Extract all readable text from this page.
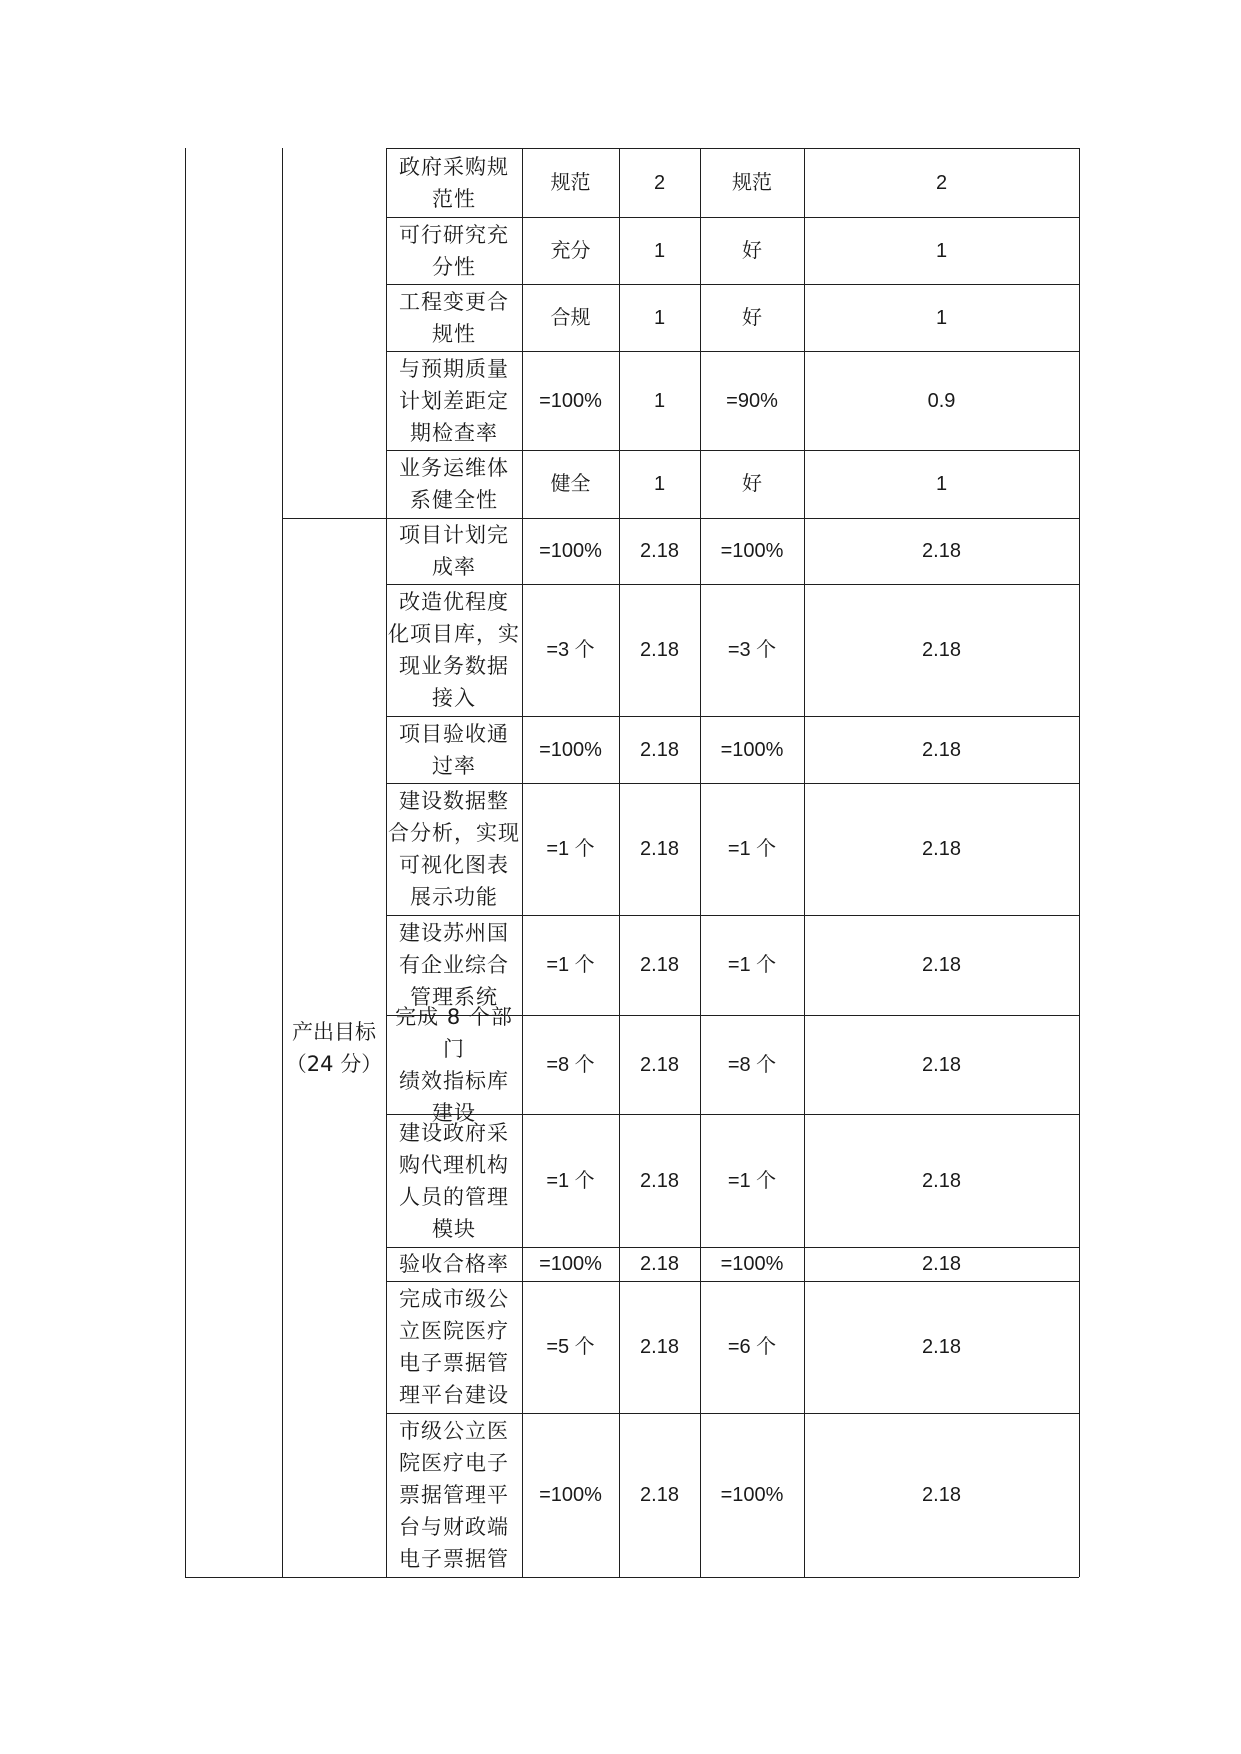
政府采购规
范性
规范	2	规范	2
可行研究充
分性
充分	1	好	1
工程变更合
规性
合规	1	好	1
与预期质量
计划差距定
期检查率
=100%	1	=90%	0.9
业务运维体
系健全性
健全	1	好	1
项目计划完
成率
=100%	2.18	=100%	2.18
改造优程度
化项目库，实
现业务数据
接入
=3 个	2.18	=3 个	2.18
项目验收通
过率
=100%	2.18	=100%	2.18
建设数据整
合分析，实现
可视化图表
展示功能
=1 个	2.18	=1 个	2.18
建设苏州国
有企业综合
管理系统
=1 个	2.18	=1 个	2.18
完成 8 个部门
绩效指标库
建设
=8 个	2.18	=8 个	2.18
建设政府采
购代理机构
人员的管理
模块
=1 个	2.18	=1 个	2.18
验收合格率	=100%	2.18	=100%	2.18
完成市级公
立医院医疗
电子票据管
理平台建设
=5 个	2.18	=6 个	2.18
市级公立医
院医疗电子
票据管理平
台与财政端
电子票据管
=100%	2.18	=100%	2.18
产出目标
（24 分）
